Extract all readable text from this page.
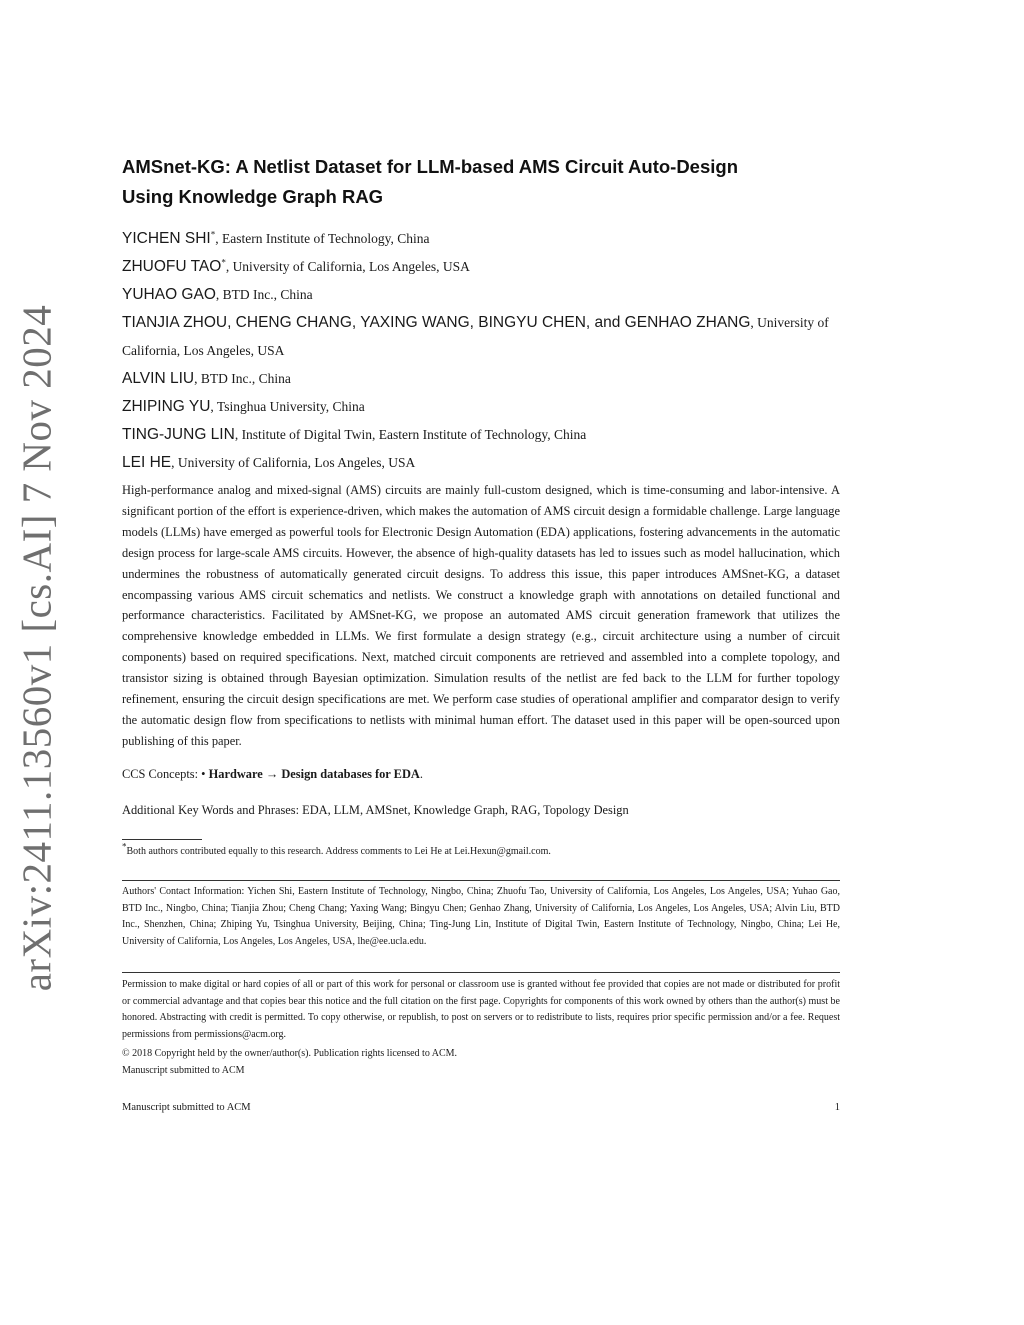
arXiv:2411.13560v1 [cs.AI] 7 Nov 2024
AMSnet-KG: A Netlist Dataset for LLM-based AMS Circuit Auto-Design
Using Knowledge Graph RAG
YICHEN SHI*, Eastern Institute of Technology, China
ZHUOFU TAO*, University of California, Los Angeles, USA
YUHAO GAO, BTD Inc., China
TIANJIA ZHOU, CHENG CHANG, YAXING WANG, BINGYU CHEN, and GENHAO ZHANG, University of California, Los Angeles, USA
ALVIN LIU, BTD Inc., China
ZHIPING YU, Tsinghua University, China
TING-JUNG LIN, Institute of Digital Twin, Eastern Institute of Technology, China
LEI HE, University of California, Los Angeles, USA

High-performance analog and mixed-signal (AMS) circuits are mainly full-custom designed, which is time-consuming and labor-intensive. A significant portion of the effort is experience-driven, which makes the automation of AMS circuit design a formidable challenge. Large language models (LLMs) have emerged as powerful tools for Electronic Design Automation (EDA) applications, fostering advancements in the automatic design process for large-scale AMS circuits. However, the absence of high-quality datasets has led to issues such as model hallucination, which undermines the robustness of automatically generated circuit designs. To address this issue, this paper introduces AMSnet-KG, a dataset encompassing various AMS circuit schematics and netlists. We construct a knowledge graph with annotations on detailed functional and performance characteristics. Facilitated by AMSnet-KG, we propose an automated AMS circuit generation framework that utilizes the comprehensive knowledge embedded in LLMs. We first formulate a design strategy (e.g., circuit architecture using a number of circuit components) based on required specifications. Next, matched circuit components are retrieved and assembled into a complete topology, and transistor sizing is obtained through Bayesian optimization. Simulation results of the netlist are fed back to the LLM for further topology refinement, ensuring the circuit design specifications are met. We perform case studies of operational amplifier and comparator design to verify the automatic design flow from specifications to netlists with minimal human effort. The dataset used in this paper will be open-sourced upon publishing of this paper.

CCS Concepts: • Hardware → Design databases for EDA.
Additional Key Words and Phrases: EDA, LLM, AMSnet, Knowledge Graph, RAG, Topology Design
*Both authors contributed equally to this research. Address comments to Lei He at Lei.Hexun@gmail.com.
Authors' Contact Information: Yichen Shi, Eastern Institute of Technology, Ningbo, China; Zhuofu Tao, University of California, Los Angeles, Los Angeles, USA; Yuhao Gao, BTD Inc., Ningbo, China; Tianjia Zhou; Cheng Chang; Yaxing Wang; Bingyu Chen; Genhao Zhang, University of California, Los Angeles, Los Angeles, USA; Alvin Liu, BTD Inc., Shenzhen, China; Zhiping Yu, Tsinghua University, Beijing, China; Ting-Jung Lin, Institute of Digital Twin, Eastern Institute of Technology, Ningbo, China; Lei He, University of California, Los Angeles, Los Angeles, USA, lhe@ee.ucla.edu.
Permission to make digital or hard copies of all or part of this work for personal or classroom use is granted without fee provided that copies are not made or distributed for profit or commercial advantage and that copies bear this notice and the full citation on the first page. Copyrights for components of this work owned by others than the author(s) must be honored. Abstracting with credit is permitted. To copy otherwise, or republish, to post on servers or to redistribute to lists, requires prior specific permission and/or a fee. Request permissions from permissions@acm.org.
© 2018 Copyright held by the owner/author(s). Publication rights licensed to ACM.
Manuscript submitted to ACM
Manuscript submitted to ACM	1
